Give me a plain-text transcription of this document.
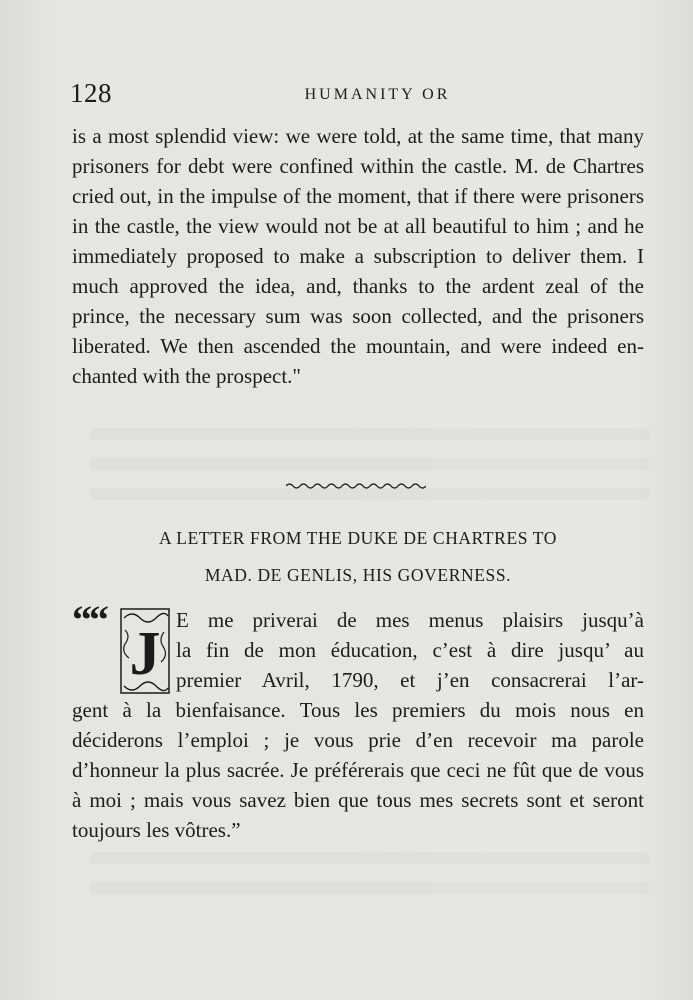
128	HUMANITY OR

is a most splendid view: we were told, at the same time, that many prisoners for debt were confined within the castle. M. de Chartres cried out, in the impulse of the moment, that if there were prisoners in the castle, the view would not be at all beautiful to him ; and he immediately proposed to make a subscription to deliver them. I much approved the idea, and, thanks to the ardent zeal of the prince, the necessary sum was soon collected, and the prisoners liberated. We then ascended the mountain, and were indeed en- chanted with the prospect."

A LETTER FROM THE DUKE DE CHARTRES TO
MAD. DE GENLIS, HIS GOVERNESS.
““
J E me priverai de mes menus plaisirs jusqu’à

la fin de mon éducation, c’est à dire jusqu’ au

premier Avril, 1790, et j’en consacrerai l’ar-

gent à la bienfaisance. Tous les premiers du mois nous en déciderons l’emploi ; je vous prie d’en recevoir ma parole d’honneur la plus sacrée. Je préférerais que ceci ne fût que de vous à moi ; mais vous savez bien que tous mes secrets sont et seront toujours les vôtres.”
